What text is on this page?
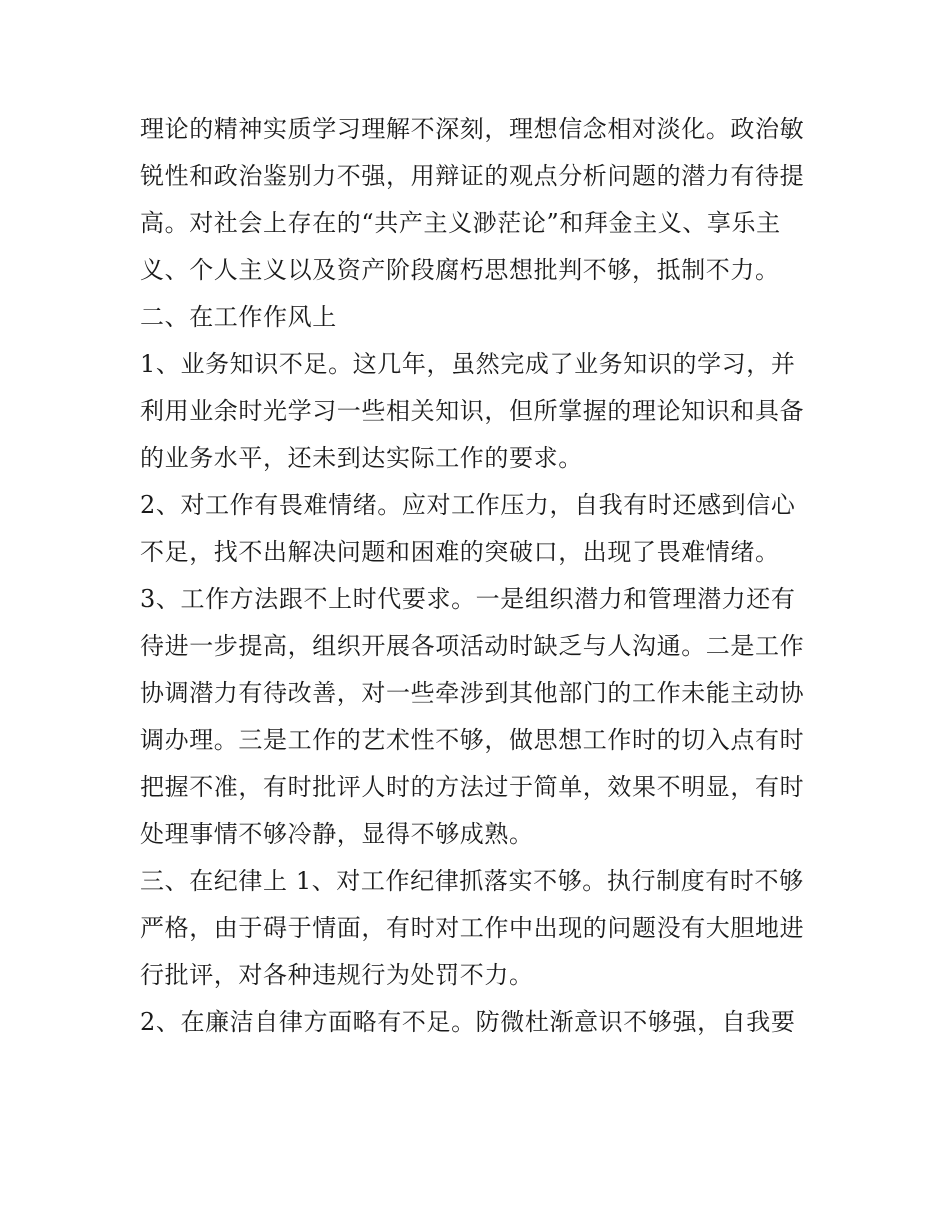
理论的精神实质学习理解不深刻，理想信念相对淡化。政治敏
锐性和政治鉴别力不强，用辩证的观点分析问题的潜力有待提
高。对社会上存在的“共产主义渺茫论”和拜金主义、享乐主
义、个人主义以及资产阶段腐朽思想批判不够，抵制不力。
二、在工作作风上
1、业务知识不足。这几年，虽然完成了业务知识的学习，并
利用业余时光学习一些相关知识，但所掌握的理论知识和具备
的业务水平，还未到达实际工作的要求。
2、对工作有畏难情绪。应对工作压力，自我有时还感到信心
不足，找不出解决问题和困难的突破口，出现了畏难情绪。
3、工作方法跟不上时代要求。一是组织潜力和管理潜力还有
待进一步提高，组织开展各项活动时缺乏与人沟通。二是工作
协调潜力有待改善，对一些牵涉到其他部门的工作未能主动协
调办理。三是工作的艺术性不够，做思想工作时的切入点有时
把握不准，有时批评人时的方法过于简单，效果不明显，有时
处理事情不够冷静，显得不够成熟。
三、在纪律上 1、对工作纪律抓落实不够。执行制度有时不够
严格，由于碍于情面，有时对工作中出现的问题没有大胆地进
行批评，对各种违规行为处罚不力。
2、在廉洁自律方面略有不足。防微杜渐意识不够强，自我要
